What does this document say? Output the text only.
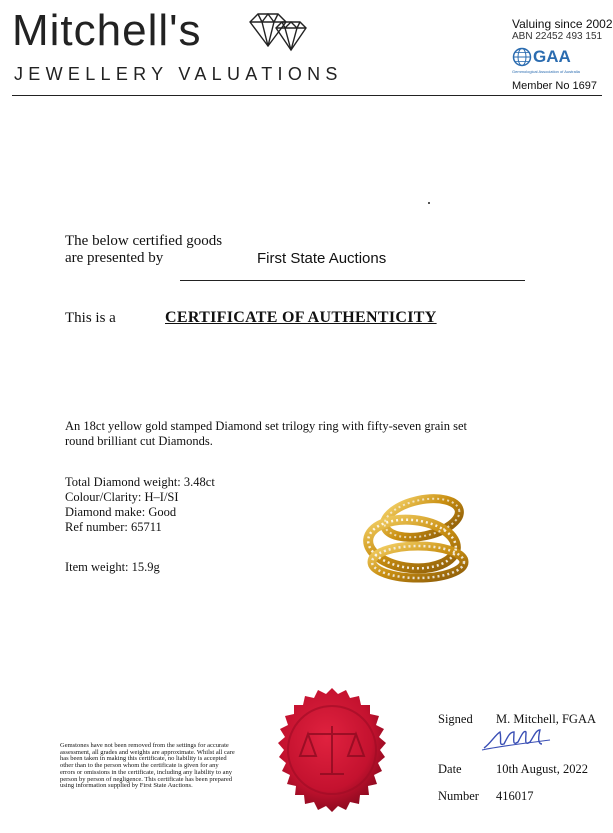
Mitchell's
JEWELLERY VALUATIONS
Valuing since 2002
ABN 22452 493 151
GAA
Gemmological Association of Australia
Member No 1697
The below certified goods
are presented by	First State Auctions
This is a	CERTIFICATE OF AUTHENTICITY
An 18ct yellow gold stamped Diamond set trilogy ring with fifty-seven grain set round brilliant cut Diamonds.
Total Diamond weight: 3.48ct
Colour/Clarity: H–I/SI
Diamond make: Good
Ref number: 65711
Item weight: 15.9g
Gemstones have not been removed from the settings for accurate assessment, all grades and weights are approximate. Whilst all care has been taken in making this certificate, no liability is accepted other than to the person whom the certificate is given for any errors or omissions in the certificate, including any liability to any person by person of negligence. This certificate has been prepared using information supplied by First State Auctions.
Signed M. Mitchell, FGAA
Date	10th August, 2022
Number 416017
